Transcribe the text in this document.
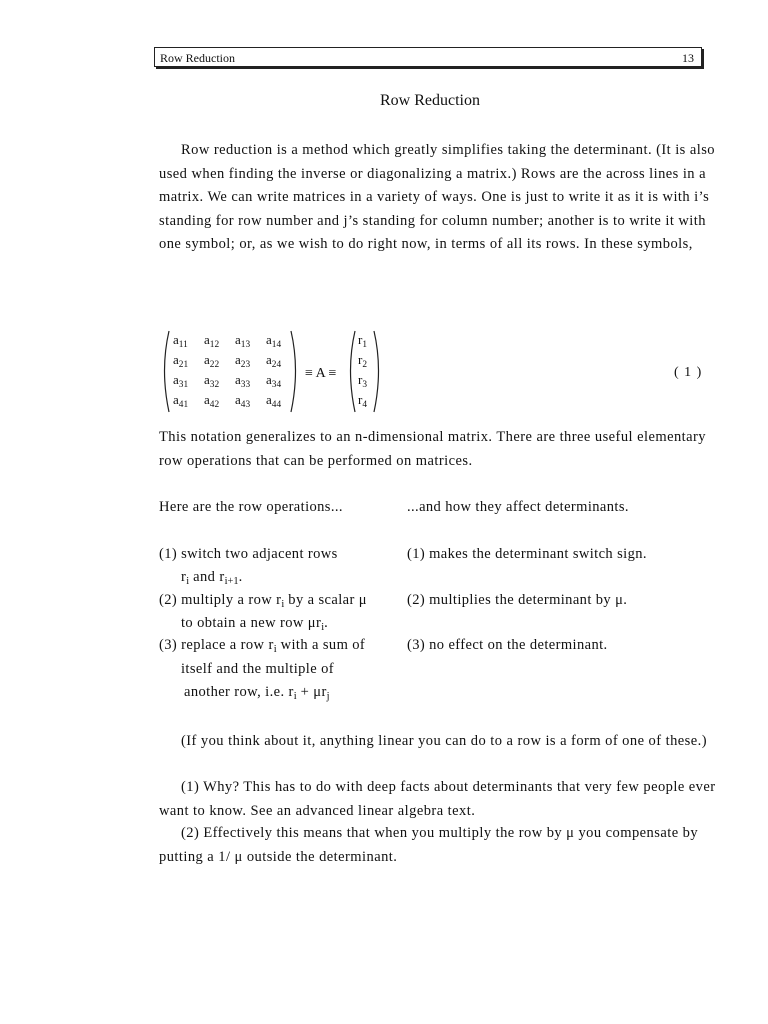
Row Reduction	13
Row Reduction
Row reduction is a method which greatly simplifies taking the determinant. (It is also used when finding the inverse or diagonalizing a matrix.) Rows are the across lines in a matrix. We can write matrices in a variety of ways. One is just to write it as it is with i’s standing for row number and j’s standing for column number; another is to write it with one symbol; or, as we wish to do right now, in terms of all its rows. In these symbols,
$a_{11}$ $a_{12}$ $a_{13}$ $a_{14}$
$a_{21}$ $a_{22}$ $a_{23}$ $a_{24}$
$a_{31}$ $a_{32}$ $a_{33}$ $a_{34}$
$a_{41}$ $a_{42}$ $a_{43}$ $a_{44}$
≡ A ≡
$r_1$
$r_2$
$r_3$
$r_4$
( 1 )
This notation generalizes to an n-dimensional matrix. There are three useful elementary row operations that can be performed on matrices.
Here are the row operations...	...and how they affect determinants.
(1) switch two adjacent rows
$r_i$ and $r_{i+1}$.
(1) makes the determinant switch sign.
(2) multiply a row $r_i$ by a scalar μ
to obtain a new row $\mu r_i$.
(2) multiplies the determinant by μ.
(3) replace a row $r_i$ with a sum of
itself and the multiple of
another row, i.e. $r_i + \mu r_j$
(3) no effect on the determinant.
(If you think about it, anything linear you can do to a row is a form of one of these.)
(1) Why? This has to do with deep facts about determinants that very few people ever want to know. See an advanced linear algebra text.
(2) Effectively this means that when you multiply the row by μ you compensate by putting a 1/ μ outside the determinant.
